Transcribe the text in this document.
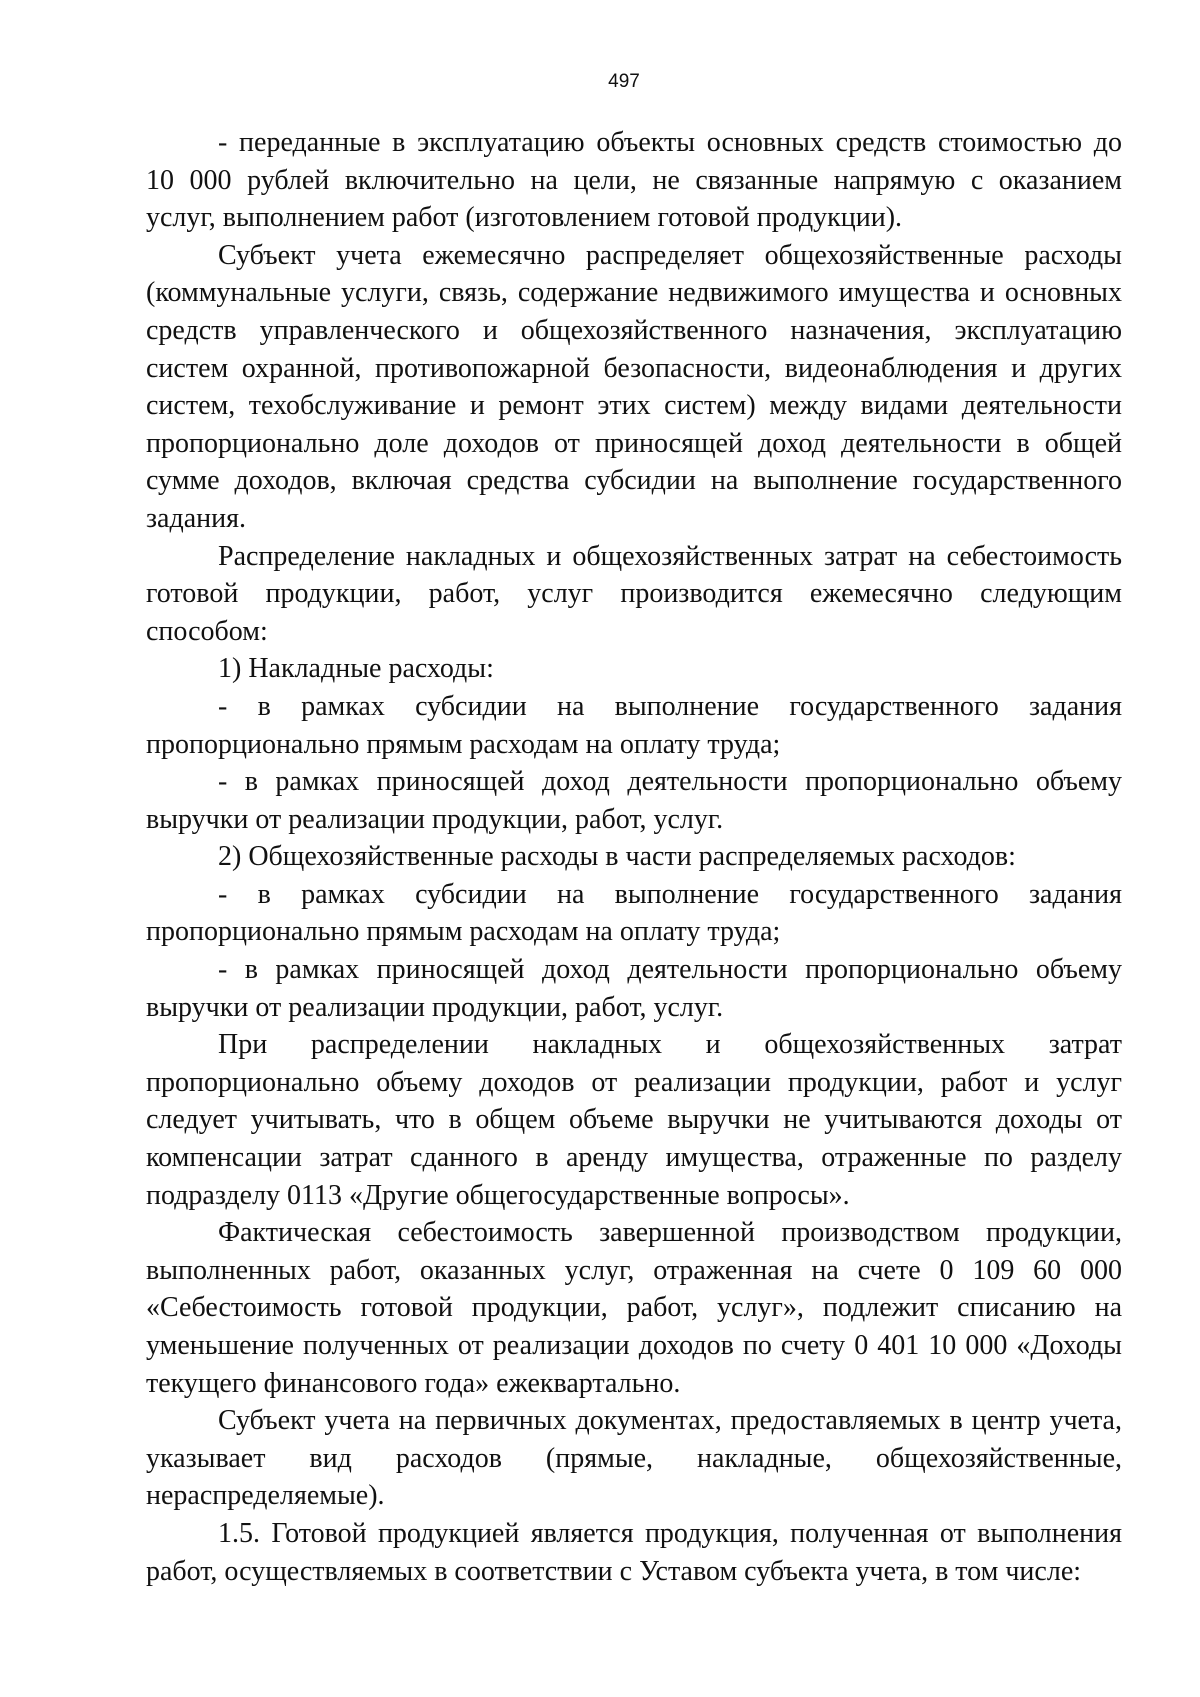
497
- переданные в эксплуатацию объекты основных средств стоимостью до
10 000 рублей включительно на цели, не связанные напрямую с оказанием
услуг, выполнением работ (изготовлением готовой продукции).
Субъект учета ежемесячно распределяет общехозяйственные расходы
(коммунальные услуги, связь, содержание недвижимого имущества и основных
средств управленческого и общехозяйственного назначения, эксплуатацию
систем охранной, противопожарной безопасности, видеонаблюдения и других
систем, техобслуживание и ремонт этих систем) между видами деятельности
пропорционально доле доходов от приносящей доход деятельности в общей
сумме доходов, включая средства субсидии на выполнение государственного
задания.
Распределение накладных и общехозяйственных затрат на себестоимость
готовой продукции, работ, услуг производится ежемесячно следующим
способом:
1) Накладные расходы:
- в рамках субсидии на выполнение государственного задания
пропорционально прямым расходам на оплату труда;
- в рамках приносящей доход деятельности пропорционально объему
выручки от реализации продукции, работ, услуг.
2) Общехозяйственные расходы в части распределяемых расходов:
- в рамках субсидии на выполнение государственного задания
пропорционально прямым расходам на оплату труда;
- в рамках приносящей доход деятельности пропорционально объему
выручки от реализации продукции, работ, услуг.
При распределении накладных и общехозяйственных затрат
пропорционально объему доходов от реализации продукции, работ и услуг
следует учитывать, что в общем объеме выручки не учитываются доходы от
компенсации затрат сданного в аренду имущества, отраженные по разделу
подразделу 0113 «Другие общегосударственные вопросы».
Фактическая себестоимость завершенной производством продукции,
выполненных работ, оказанных услуг, отраженная на счете 0 109 60 000
«Себестоимость готовой продукции, работ, услуг», подлежит списанию на
уменьшение полученных от реализации доходов по счету 0 401 10 000 «Доходы
текущего финансового года» ежеквартально.
Субъект учета на первичных документах, предоставляемых в центр учета,
указывает вид расходов (прямые, накладные, общехозяйственные,
нераспределяемые).
1.5. Готовой продукцией является продукция, полученная от выполнения
работ, осуществляемых в соответствии с Уставом субъекта учета, в том числе:
